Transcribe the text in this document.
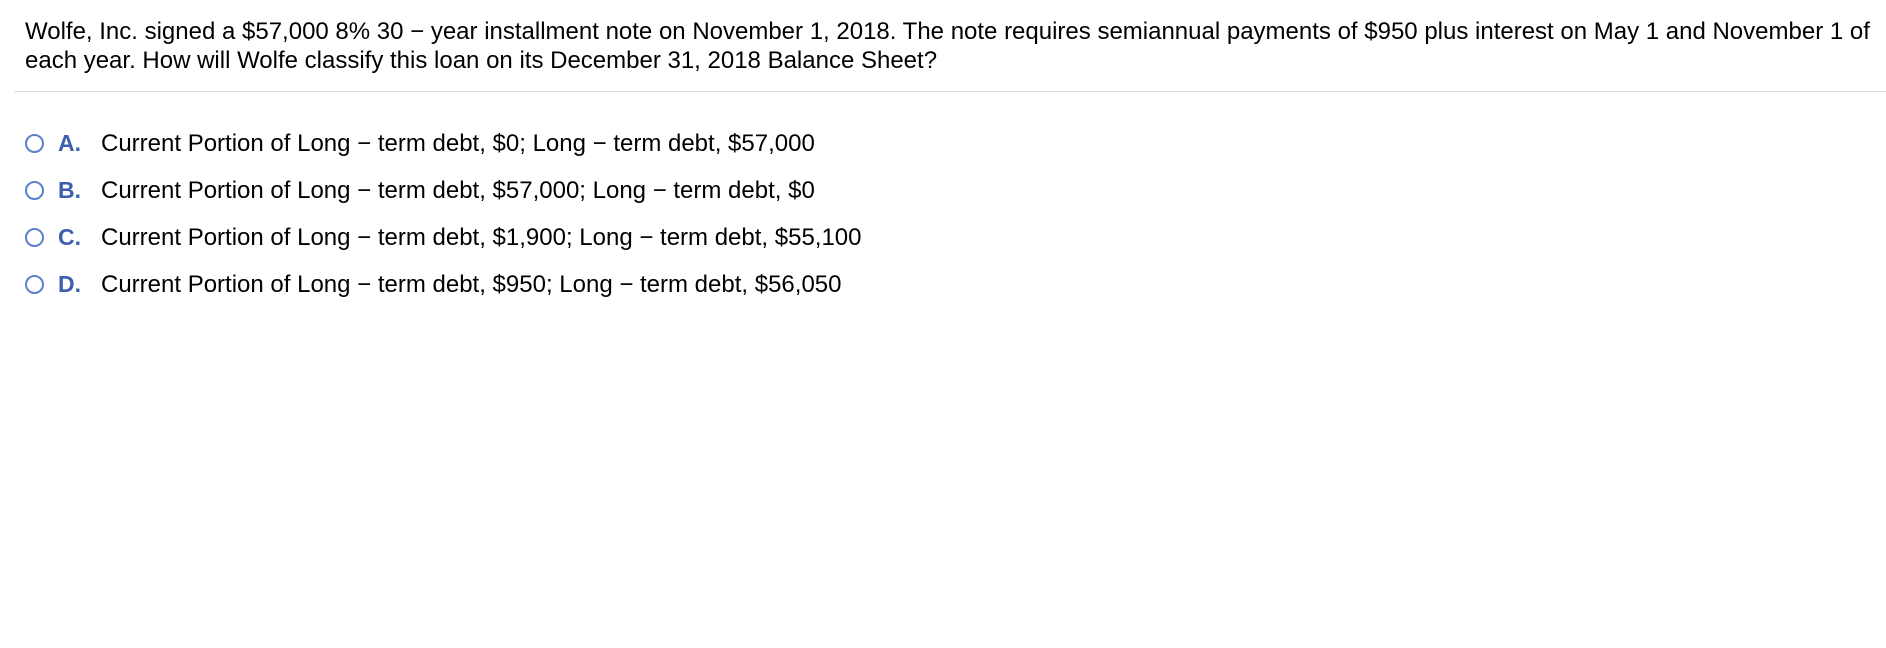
Wolfe, Inc. signed a $57,000 8% 30 − year installment note on November 1, 2018. The note requires semiannual payments of $950 plus interest on May 1 and November 1 of each year. How will Wolfe classify this loan on its December 31, 2018 Balance Sheet?

A. Current Portion of Long − term debt, $0; Long − term debt, $57,000
B. Current Portion of Long − term debt, $57,000; Long − term debt, $0
C. Current Portion of Long − term debt, $1,900; Long − term debt, $55,100
D. Current Portion of Long − term debt, $950; Long − term debt, $56,050
